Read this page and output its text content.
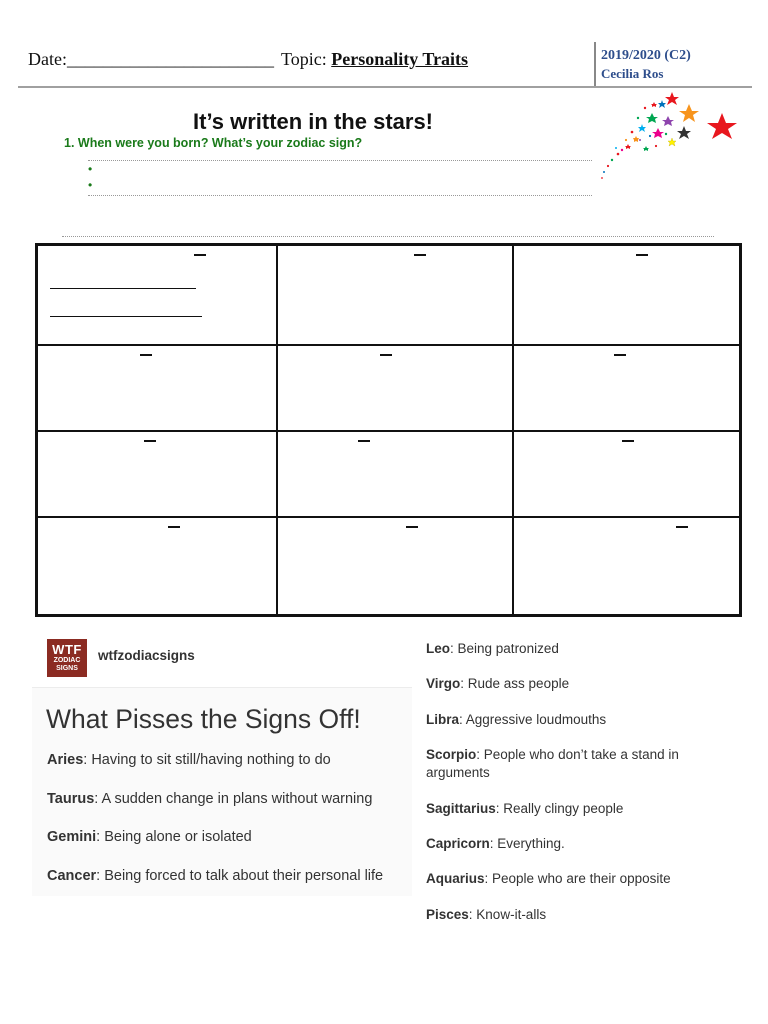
Date:_______________________ Topic: Personality Traits	2019/2020 (C2)
Cecilia Ros
It’s written in the stars!
1. When were you born? What’s your zodiac sign?
•
•
WTF
ZODIAC
SIGNS
wtfzodiacsigns
What Pisses the Signs Off!
Aries: Having to sit still/having nothing to do
Taurus: A sudden change in plans without warning
Gemini: Being alone or isolated
Cancer: Being forced to talk about their personal life
Leo: Being patronized
Virgo: Rude ass people
Libra: Aggressive loudmouths
Scorpio: People who don’t take a stand in arguments
Sagittarius: Really clingy people
Capricorn: Everything.
Aquarius: People who are their opposite
Pisces: Know-it-alls
